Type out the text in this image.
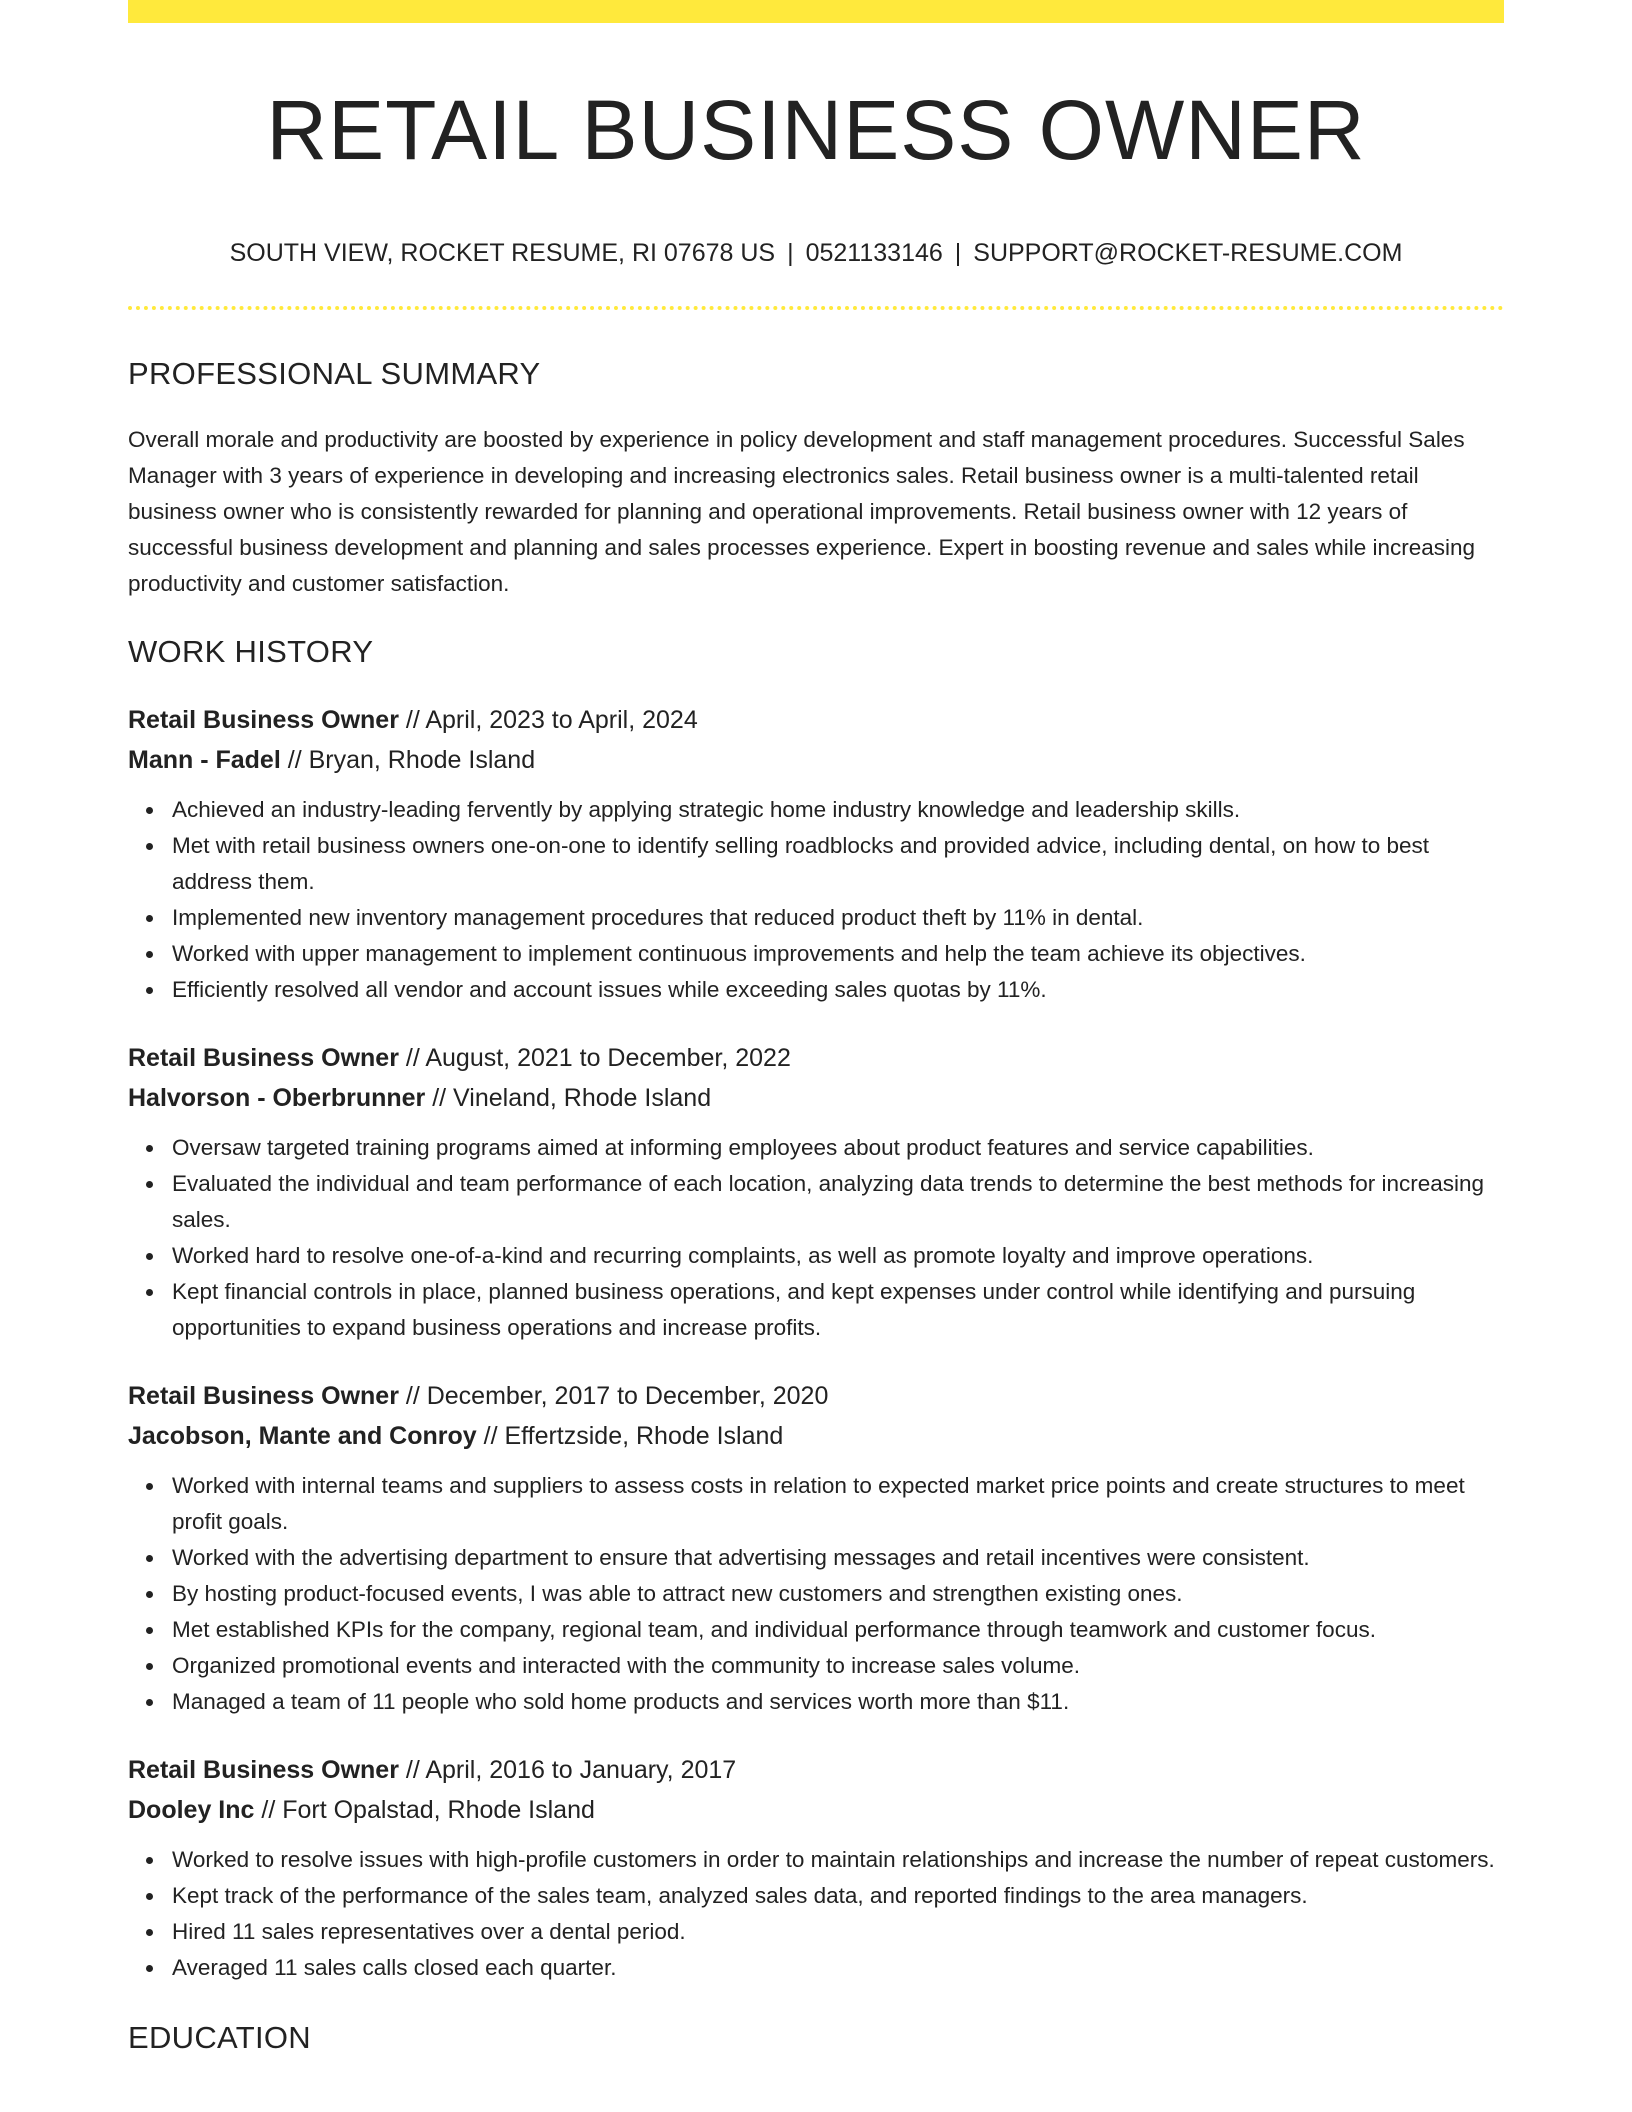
RETAIL BUSINESS OWNER
SOUTH VIEW, ROCKET RESUME, RI 07678 US | 0521133146 | SUPPORT@ROCKET-RESUME.COM
PROFESSIONAL SUMMARY

Overall morale and productivity are boosted by experience in policy development and staff management procedures. Successful Sales Manager with 3 years of experience in developing and increasing electronics sales. Retail business owner is a multi-talented retail business owner who is consistently rewarded for planning and operational improvements. Retail business owner with 12 years of successful business development and planning and sales processes experience. Expert in boosting revenue and sales while increasing productivity and customer satisfaction.

WORK HISTORY

Retail Business Owner // April, 2023 to April, 2024

Mann - Fadel // Bryan, Rhode Island

Achieved an industry-leading fervently by applying strategic home industry knowledge and leadership skills.
Met with retail business owners one-on-one to identify selling roadblocks and provided advice, including dental, on how to best address them.
Implemented new inventory management procedures that reduced product theft by 11% in dental.
Worked with upper management to implement continuous improvements and help the team achieve its objectives.
Efficiently resolved all vendor and account issues while exceeding sales quotas by 11%.

Retail Business Owner // August, 2021 to December, 2022

Halvorson - Oberbrunner // Vineland, Rhode Island

Oversaw targeted training programs aimed at informing employees about product features and service capabilities.
Evaluated the individual and team performance of each location, analyzing data trends to determine the best methods for increasing sales.
Worked hard to resolve one-of-a-kind and recurring complaints, as well as promote loyalty and improve operations.
Kept financial controls in place, planned business operations, and kept expenses under control while identifying and pursuing opportunities to expand business operations and increase profits.

Retail Business Owner // December, 2017 to December, 2020

Jacobson, Mante and Conroy // Effertzside, Rhode Island

Worked with internal teams and suppliers to assess costs in relation to expected market price points and create structures to meet profit goals.
Worked with the advertising department to ensure that advertising messages and retail incentives were consistent.
By hosting product-focused events, I was able to attract new customers and strengthen existing ones.
Met established KPIs for the company, regional team, and individual performance through teamwork and customer focus.
Organized promotional events and interacted with the community to increase sales volume.
Managed a team of 11 people who sold home products and services worth more than $11.

Retail Business Owner // April, 2016 to January, 2017

Dooley Inc // Fort Opalstad, Rhode Island

Worked to resolve issues with high-profile customers in order to maintain relationships and increase the number of repeat customers.
Kept track of the performance of the sales team, analyzed sales data, and reported findings to the area managers.
Hired 11 sales representatives over a dental period.
Averaged 11 sales calls closed each quarter.
EDUCATION
